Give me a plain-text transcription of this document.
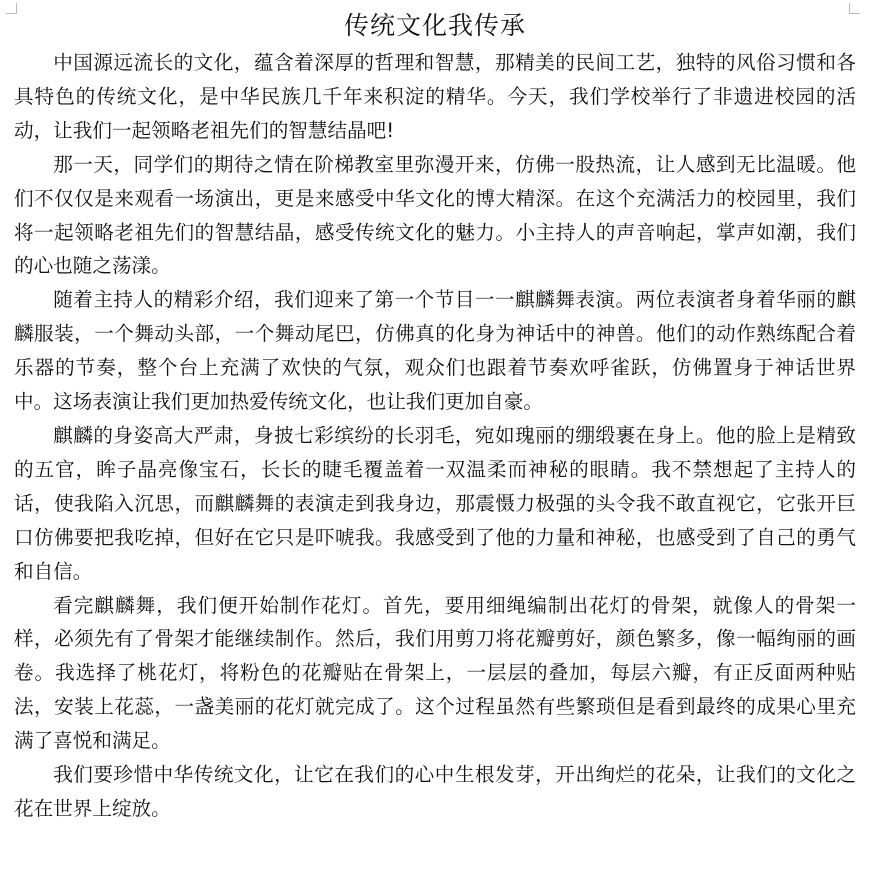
传统文化我传承

中国源远流长的文化，蕴含着深厚的哲理和智慧，那精美的民间工艺，独特的风俗习惯和各具特色的传统文化，是中华民族几千年来积淀的精华。今天，我们学校举行了非遗进校园的活动，让我们一起领略老祖先们的智慧结晶吧!

那一天，同学们的期待之情在阶梯教室里弥漫开来，仿佛一股热流，让人感到无比温暖。他们不仅仅是来观看一场演出，更是来感受中华文化的博大精深。在这个充满活力的校园里，我们将一起领略老祖先们的智慧结晶，感受传统文化的魅力。小主持人的声音响起，掌声如潮，我们的心也随之荡漾。

随着主持人的精彩介绍，我们迎来了第一个节目一一麒麟舞表演。两位表演者身着华丽的麒麟服装，一个舞动头部，一个舞动尾巴，仿佛真的化身为神话中的神兽。他们的动作熟练配合着乐器的节奏，整个台上充满了欢快的气氛，观众们也跟着节奏欢呼雀跃，仿佛置身于神话世界中。这场表演让我们更加热爱传统文化，也让我们更加自豪。

麒麟的身姿高大严肃，身披七彩缤纷的长羽毛，宛如瑰丽的绷缎裹在身上。他的脸上是精致的五官，眸子晶亮像宝石，长长的睫毛覆盖着一双温柔而神秘的眼睛。我不禁想起了主持人的话，使我陷入沉思，而麒麟舞的表演走到我身边，那震慑力极强的头令我不敢直视它，它张开巨口仿佛要把我吃掉，但好在它只是吓唬我。我感受到了他的力量和神秘，也感受到了自己的勇气和自信。

看完麒麟舞，我们便开始制作花灯。首先，要用细绳编制出花灯的骨架，就像人的骨架一样，必须先有了骨架才能继续制作。然后，我们用剪刀将花瓣剪好，颜色繁多，像一幅绚丽的画卷。我选择了桃花灯，将粉色的花瓣贴在骨架上，一层层的叠加，每层六瓣，有正反面两种贴法，安装上花蕊，一盏美丽的花灯就完成了。这个过程虽然有些繁琐但是看到最终的成果心里充满了喜悦和满足。

我们要珍惜中华传统文化，让它在我们的心中生根发芽，开出绚烂的花朵，让我们的文化之花在世界上绽放。
